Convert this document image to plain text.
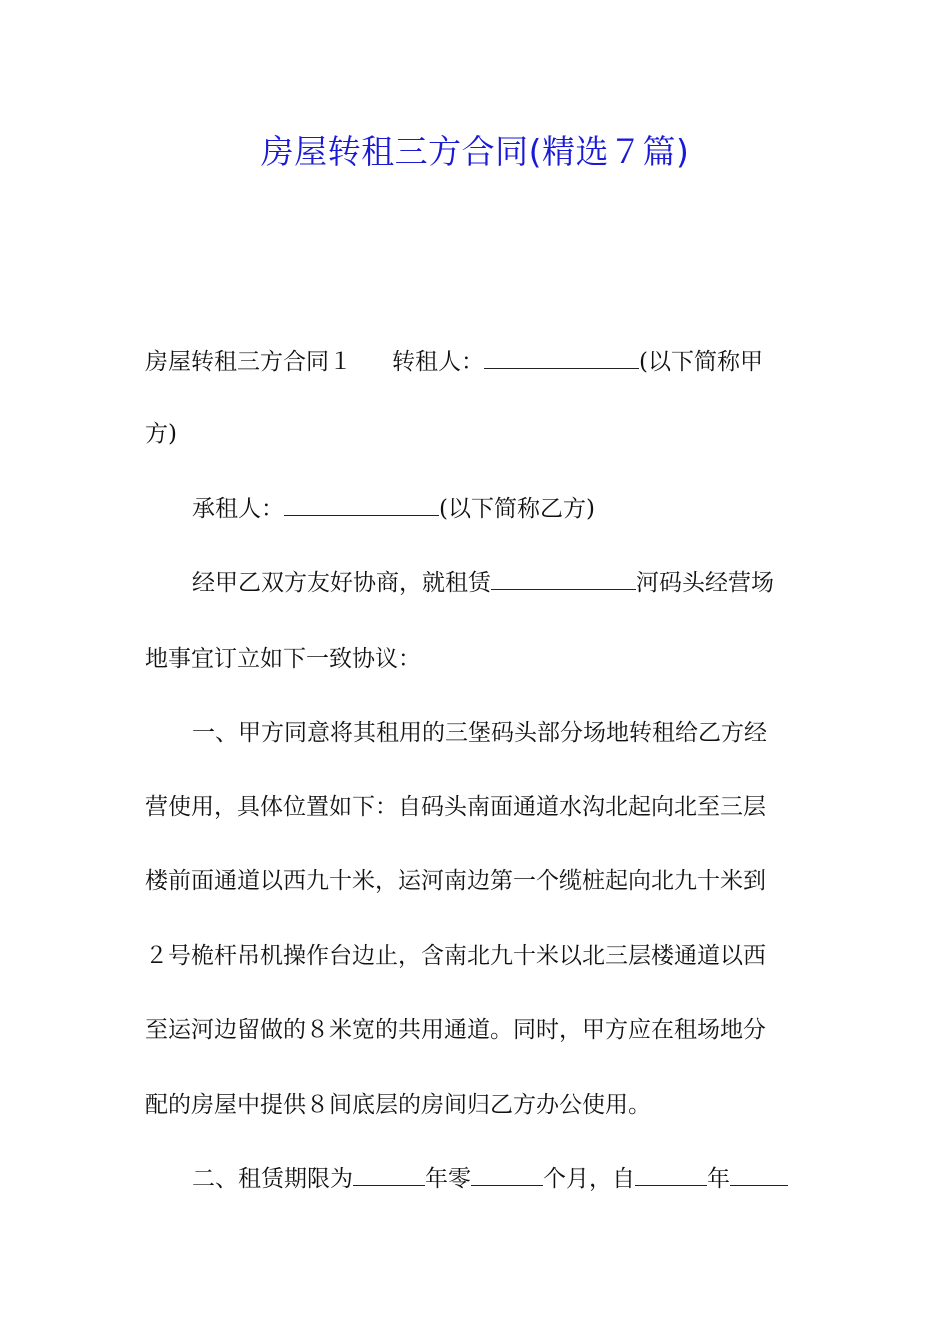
房屋转租三方合同(精选７篇)

房屋转租三方合同１ 转租人：	(以下简称甲

方)

承租人：	(以下简称乙方)

经甲乙双方友好协商，就租赁	河码头经营场

地事宜订立如下一致协议：

一、甲方同意将其租用的三堡码头部分场地转租给乙方经

营使用，具体位置如下：自码头南面通道水沟北起向北至三层

楼前面通道以西九十米，运河南边第一个缆桩起向北九十米到

２号桅杆吊机操作台边止，含南北九十米以北三层楼通道以西

至运河边留做的８米宽的共用通道。同时，甲方应在租场地分

配的房屋中提供８间底层的房间归乙方办公使用。

二、租赁期限为	年零	个月，自	年
